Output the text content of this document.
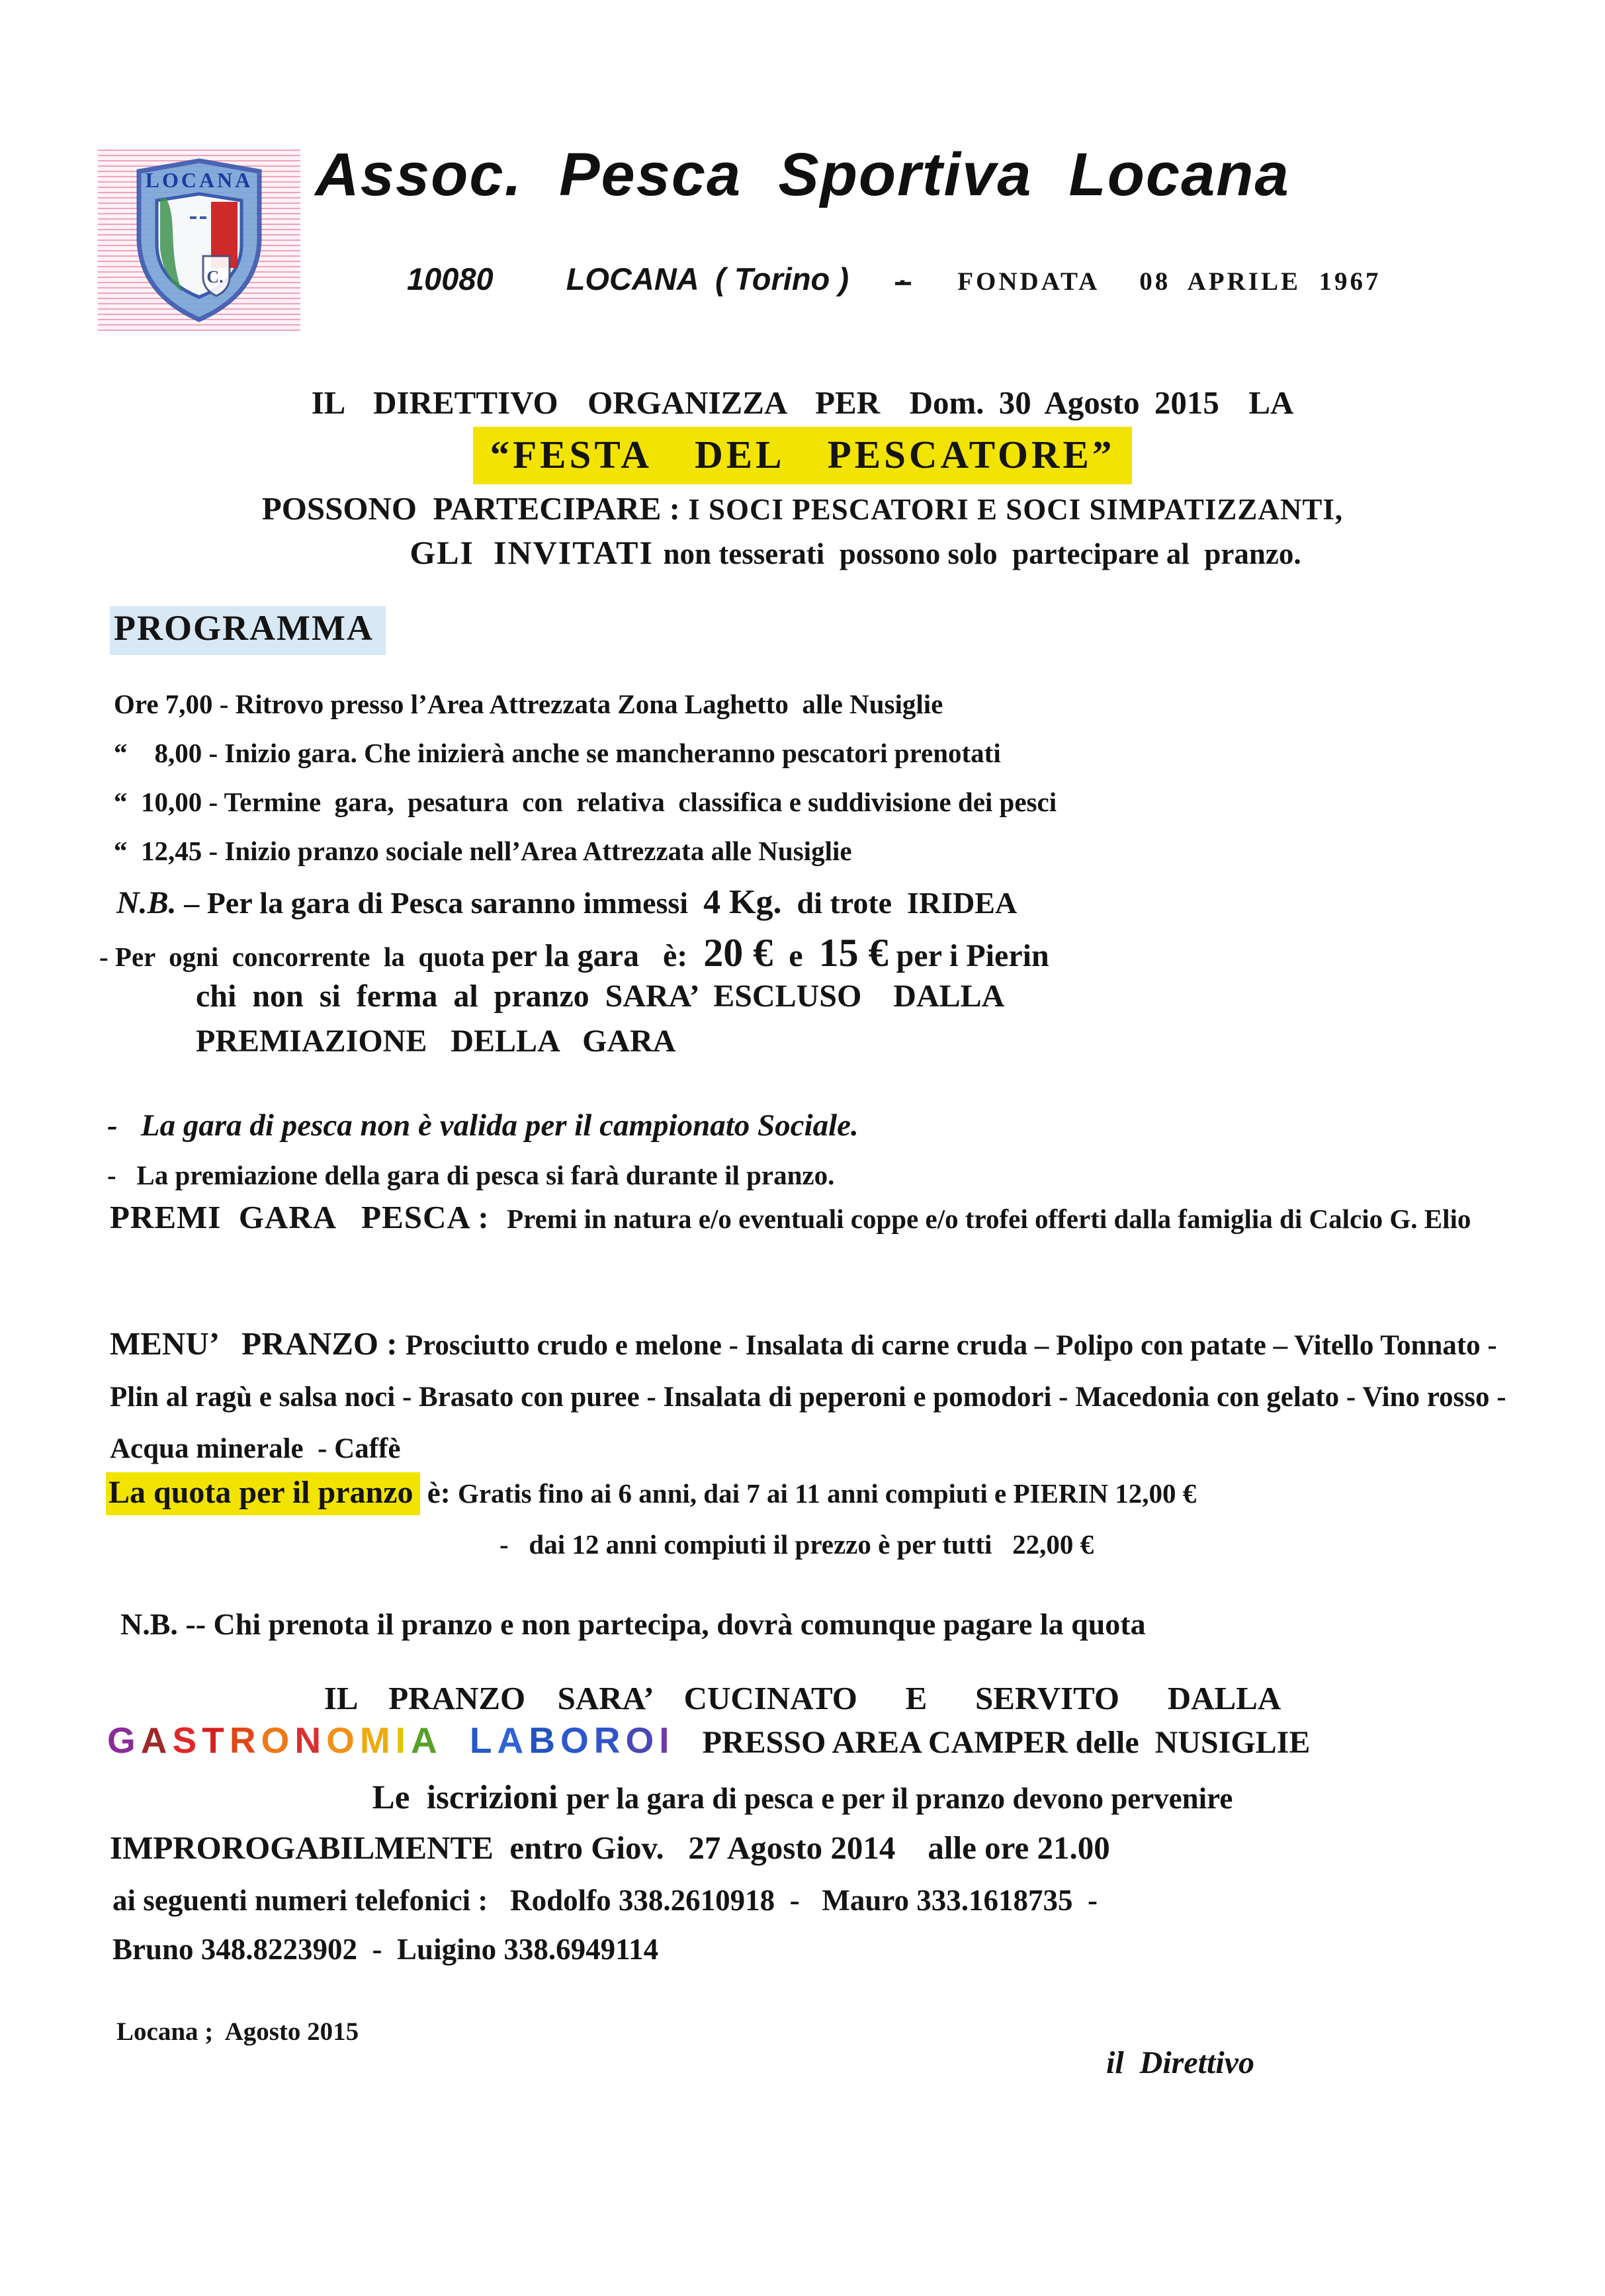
LOCANA
C.
Assoc.  Pesca  Sportiva  Locana
10080 LOCANA  ( Torino ) . FONDATA 08  APRILE  1967
IL  DIRETTIVO  ORGANIZZA  PER  Dom. 30 Agosto 2015  LA
“FESTA  DEL  PESCATORE”
POSSONO  PARTECIPARE : I SOCI PESCATORI E SOCI SIMPATIZZANTI,
GLI  INVITATI non tesserati  possono solo  partecipare al  pranzo.
PROGRAMMA
Ore 7,00 - Ritrovo presso l’Area Attrezzata Zona Laghetto  alle Nusiglie
“    8,00 - Inizio gara. Che inizierà anche se mancheranno pescatori prenotati
“  10,00 - Termine  gara,  pesatura  con  relativa  classifica e suddivisione dei pesci
“  12,45 - Inizio pranzo sociale nell’Area Attrezzata alle Nusiglie
N.B. – Per la gara di Pesca saranno immessi  4 Kg.  di trote  IRIDEA
- Per  ogni  concorrente  la  quota per la gara   è:  20 €  e  15 € per i Pierin
chi  non  si  ferma  al  pranzo  SARA’  ESCLUSO    DALLA
PREMIAZIONE   DELLA   GARA
-   La gara di pesca non è valida per il campionato Sociale.
-   La premiazione della gara di pesca si farà durante il pranzo.
PREMI  GARA   PESCA :  Premi in natura e/o eventuali coppe e/o trofei offerti dalla famiglia di Calcio G. Elio
MENU’   PRANZO : Prosciutto crudo e melone - Insalata di carne cruda – Polipo con patate – Vitello Tonnato - Plin al ragù e salsa noci - Brasato con puree - Insalata di peperoni e pomodori - Macedonia con gelato - Vino rosso - Acqua minerale  - Caffè
La quota per il pranzo è: Gratis fino ai 6 anni, dai 7 ai 11 anni compiuti e PIERIN 12,00 €
-   dai 12 anni compiuti il prezzo è per tutti   22,00 €
N.B. -- Chi prenota il pranzo e non partecipa, dovrà comunque pagare la quota
IL  PRANZO  SARA’  CUCINATO   E   SERVITO   DALLA
GASTRONOMIA LABOROI PRESSO AREA CAMPER delle  NUSIGLIE
Le  iscrizioni per la gara di pesca e per il pranzo devono pervenire
IMPROROGABILMENTE  entro Giov.   27 Agosto 2014    alle ore 21.00
ai seguenti numeri telefonici :   Rodolfo 338.2610918  -   Mauro 333.1618735  -
Bruno 348.8223902  -  Luigino 338.6949114
Locana ;  Agosto 2015
il  Direttivo
